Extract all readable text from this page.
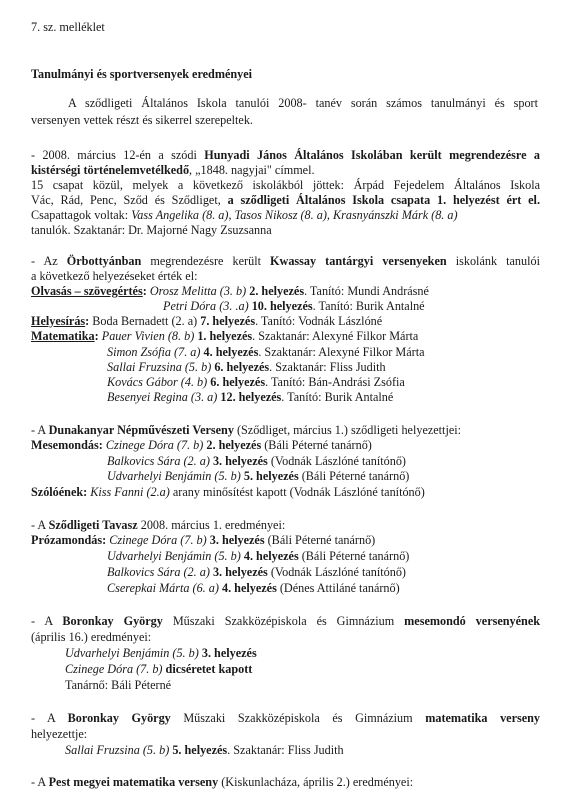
7. sz. melléklet
Tanulmányi és sportversenyek eredményei
A sződligeti Általános Iskola tanulói 2008- tanév során számos tanulmányi és sport
versenyen vettek részt és sikerrel szerepeltek.
- 2008. március 12-én a szódi Hunyadi János Általános Iskolában került megrendezésre a
kistérségi történelemvetélkedő, „1848. nagyjai" címmel.
15 csapat közül, melyek a következő iskolákból jöttek: Árpád Fejedelem Általános Iskola
Vác, Rád, Penc, Sződ és Sződliget, a sződligeti Általános Iskola csapata 1. helyezést ért el.
Csapattagok voltak: Vass Angelika (8. a), Tasos Nikosz (8. a), Krasnyánszki Márk (8. a)
tanulók. Szaktanár: Dr. Majorné Nagy Zsuzsanna
- Az Örbottyánban megrendezésre került Kwassay tantárgyi versenyeken iskolánk tanulói
a következő helyezéseket érték el:
Olvasás – szövegértés: Orosz Melitta (3. b) 2. helyezés. Tanító: Mundi Andrásné
Petri Dóra (3. .a) 10. helyezés. Tanító: Burik Antalné
Helyesírás: Boda Bernadett (2. a) 7. helyezés. Tanító: Vodnák Lászlóné
Matematika: Pauer Vivien (8. b) 1. helyezés. Szaktanár: Alexyné Filkor Márta
Simon Zsófia (7. a) 4. helyezés. Szaktanár: Alexyné Filkor Márta
Sallai Fruzsina (5. b) 6. helyezés. Szaktanár: Fliss Judith
Kovács Gábor (4. b) 6. helyezés. Tanító: Bán-Andrási Zsófia
Besenyei Regina (3. a) 12. helyezés. Tanító: Burik Antalné
- A Dunakanyar Népművészeti Verseny (Sződliget, március 1.) sződligeti helyezettjei:
Mesemondás: Czinege Dóra (7. b) 2. helyezés (Báli Péterné tanárnő)
Balkovics Sára (2. a) 3. helyezés (Vodnák Lászlóné tanítónő)
Udvarhelyi Benjámin (5. b) 5. helyezés (Báli Péterné tanárnő)
Szólóének: Kiss Fanni (2.a) arany minősítést kapott (Vodnák Lászlóné tanítónő)
- A Sződligeti Tavasz 2008. március 1. eredményei:
Prózamondás: Czinege Dóra (7. b) 3. helyezés (Báli Péterné tanárnő)
Udvarhelyi Benjámin (5. b) 4. helyezés (Báli Péterné tanárnő)
Balkovics Sára (2. a) 3. helyezés (Vodnák Lászlóné tanítónő)
Cserepkai Márta (6. a) 4. helyezés (Dénes Attiláné tanárnő)
- A Boronkay György Műszaki Szakközépiskola és Gimnázium mesemondó versenyének
(április 16.) eredményei:
Udvarhelyi Benjámin (5. b) 3. helyezés
Czinege Dóra (7. b) dicséretet kapott
Tanárnő: Báli Péterné
- A Boronkay György Műszaki Szakközépiskola és Gimnázium matematika verseny
helyezettje:
Sallai Fruzsina (5. b) 5. helyezés. Szaktanár: Fliss Judith
- A Pest megyei matematika verseny (Kiskunlacháza, április 2.) eredményei:
